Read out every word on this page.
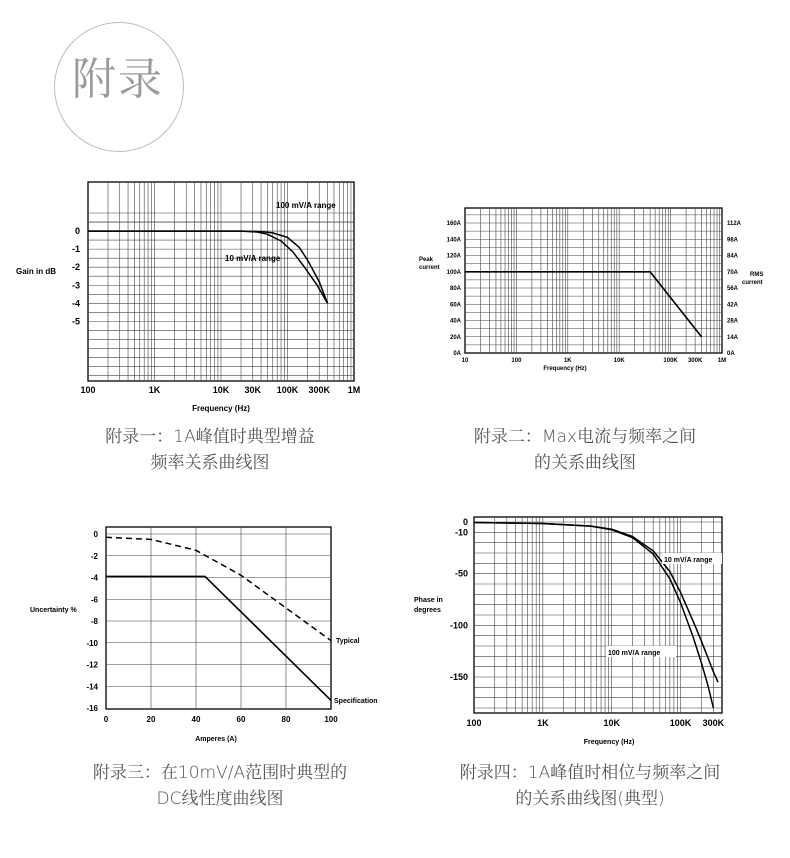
附录
100	1K	10K 30K 100K 300K 1M
0
-1
-2
-3
-4
-5
Frequency (Hz)
Gain in dB
100 mV/A range
10 mV/A range
10	100	1K	10K	100K 300K	1M
0A
20A
40A
60A
80A
100A
120A
140A
160A
0A
14A
28A
42A
56A
70A
84A
98A
112A
Frequency (Hz)
Peak
current
RMS
current
0	20	40	60	80	100
0
-2
-4
-6
-8
-10
-12
-14
-16
Amperes (A)
Uncertainty %
Typical
Specification
100	1K	10K	100K 300K
0
-10
-50
-100
-150
Frequency (Hz)
Phase in
degrees
10 mV/A range
100 mV/A range
附录一：1A峰值时典型增益
频率关系曲线图
附录二：Max电流与频率之间
的关系曲线图
附录三：在10mV/A范围时典型的
DC线性度曲线图
附录四：1A峰值时相位与频率之间
的关系曲线图(典型)
